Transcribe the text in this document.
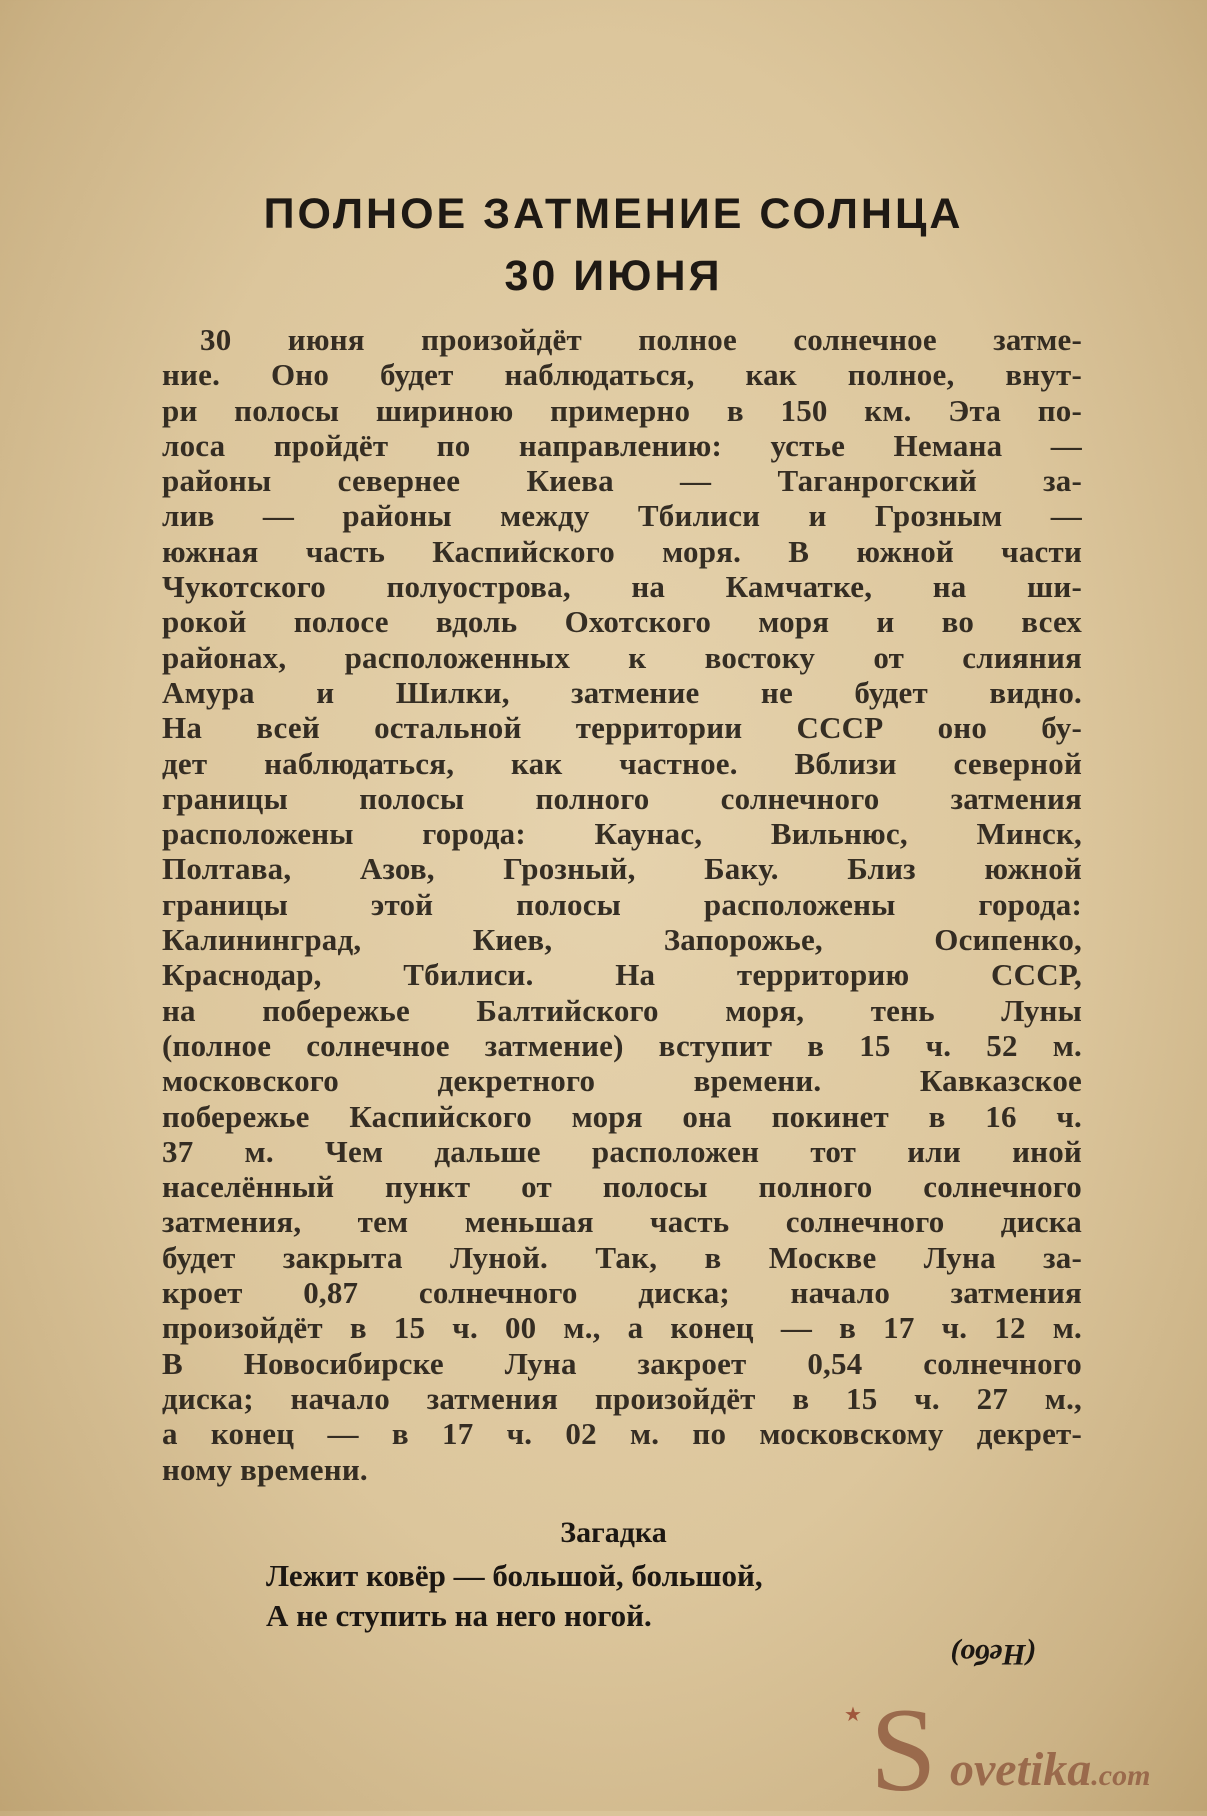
ПОЛНОЕ ЗАТМЕНИЕ СОЛНЦА
30 ИЮНЯ
30 июня произойдёт полное солнечное затме-
ние. Оно будет наблюдаться, как полное, внут-
ри полосы шириною примерно в 150 км. Эта по-
лоса пройдёт по направлению: устье Немана —
районы севернее Киева — Таганрогский за-
лив — районы между Тбилиси и Грозным —
южная часть Каспийского моря. В южной части
Чукотского полуострова, на Камчатке, на ши-
рокой полосе вдоль Охотского моря и во всех
районах, расположенных к востоку от слияния
Амура и Шилки, затмение не будет видно.
На всей остальной территории СССР оно бу-
дет наблюдаться, как частное. Вблизи северной
границы полосы полного солнечного затмения
расположены города: Каунас, Вильнюс, Минск,
Полтава, Азов, Грозный, Баку. Близ южной
границы этой полосы расположены города:
Калининград, Киев, Запорожье, Осипенко,
Краснодар, Тбилиси. На территорию СССР,
на побережье Балтийского моря, тень Луны
(полное солнечное затмение) вступит в 15 ч. 52 м.
московского декретного времени. Кавказское
побережье Каспийского моря она покинет в 16 ч.
37 м. Чем дальше расположен тот или иной
населённый пункт от полосы полного солнечного
затмения, тем меньшая часть солнечного диска
будет закрыта Луной. Так, в Москве Луна за-
кроет 0,87 солнечного диска; начало затмения
произойдёт в 15 ч. 00 м., а конец — в 17 ч. 12 м.
В Новосибирске Луна закроет 0,54 солнечного
диска; начало затмения произойдёт в 15 ч. 27 м.,
а конец — в 17 ч. 02 м. по московскому декрет-
ному времени.
Загадка
Лежит ковёр — большой, большой,
А не ступить на него ногой.
(Небо)
★ S ovetika.com
